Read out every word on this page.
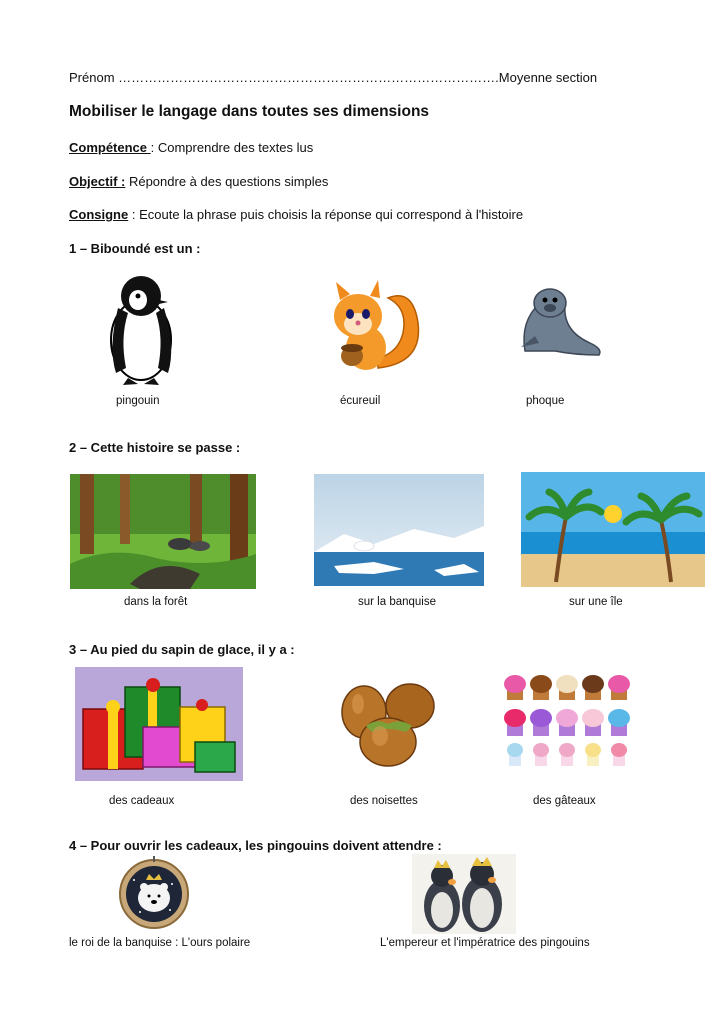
Prénom …………………………………………………………………………….Moyenne section
Mobiliser le langage dans toutes ses dimensions
Compétence : Comprendre des textes lus
Objectif : Répondre à des questions simples
Consigne : Ecoute la phrase puis choisis la réponse qui correspond à l'histoire
1 – Biboundé est un :
pingouin	écureuil	phoque
2 – Cette histoire se passe :
dans la forêt	sur la banquise	sur une île
3 – Au pied du sapin de glace, il y a :
des cadeaux	des noisettes	des gâteaux
4 – Pour ouvrir les cadeaux, les pingouins doivent attendre :
le roi de la banquise : L'ours polaire	L'empereur et l'impératrice des pingouins
